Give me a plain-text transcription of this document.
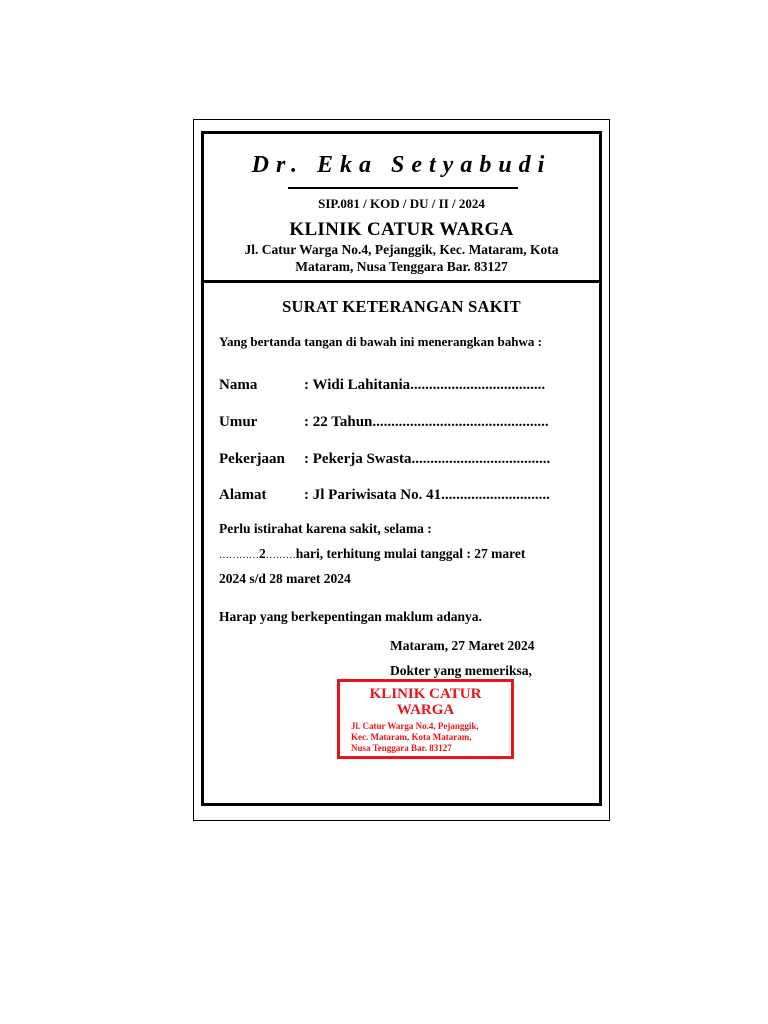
Dr. Eka Setyabudi
SIP.081 / KOD / DU / II / 2024
KLINIK CATUR WARGA
Jl. Catur Warga No.4, Pejanggik, Kec. Mataram, Kota
Mataram, Nusa Tenggara Bar. 83127
SURAT KETERANGAN SAKIT
Yang bertanda tangan di bawah ini menerangkan bahwa :
Nama	: Widi Lahitania....................................
Umur	: 22 Tahun...............................................
Pekerjaan : Pekerja Swasta.....................................
Alamat	: Jl Pariwisata No. 41.............................
Perlu istirahat karena sakit, selama :
…………2………hari, terhitung mulai tanggal : 27 maret
2024 s/d 28 maret 2024
Harap yang berkepentingan maklum adanya.
Mataram, 27 Maret 2024
Dokter yang memeriksa,
KLINIK CATUR
WARGA
Jl. Catur Warga No.4, Pejanggik,
Kec. Mataram, Kota Mataram,
Nusa Tenggara Bar. 83127
